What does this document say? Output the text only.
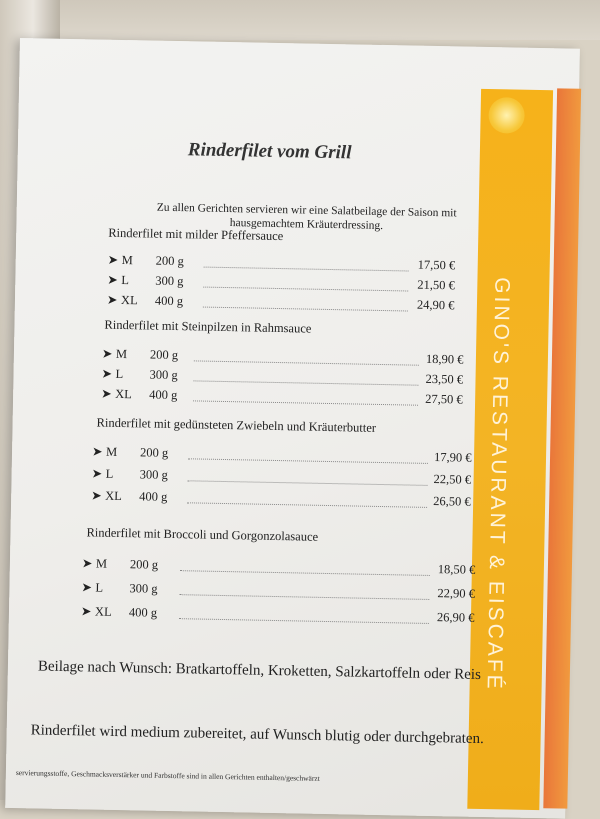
GINO'S RESTAURANT & EISCAFÉ
Rinderfilet vom Grill
Zu allen Gerichten servieren wir eine Salatbeilage der Saison mit hausgemachtem Kräuterdressing.
Rinderfilet mit milder Pfeffersauce
➤ M 200 g	17,50 €
➤ L 300 g	21,50 €
➤ XL 400 g	24,90 €
Rinderfilet mit Steinpilzen in Rahmsauce
➤ M 200 g	18,90 €
➤ L 300 g	23,50 €
➤ XL 400 g	27,50 €
Rinderfilet mit gedünsteten Zwiebeln und Kräuterbutter
➤ M 200 g	17,90 €
➤ L 300 g	22,50 €
➤ XL 400 g	26,50 €
Rinderfilet mit Broccoli und Gorgonzolasauce
➤ M 200 g	18,50 €
➤ L 300 g	22,90 €
➤ XL 400 g	26,90 €
Beilage nach Wunsch: Bratkartoffeln, Kroketten, Salzkartoffeln oder Reis
Rinderfilet wird medium zubereitet, auf Wunsch blutig oder durchgebraten.
servierungsstoffe, Geschmacksverstärker und Farbstoffe sind in allen Gerichten enthalten/geschwärzt
